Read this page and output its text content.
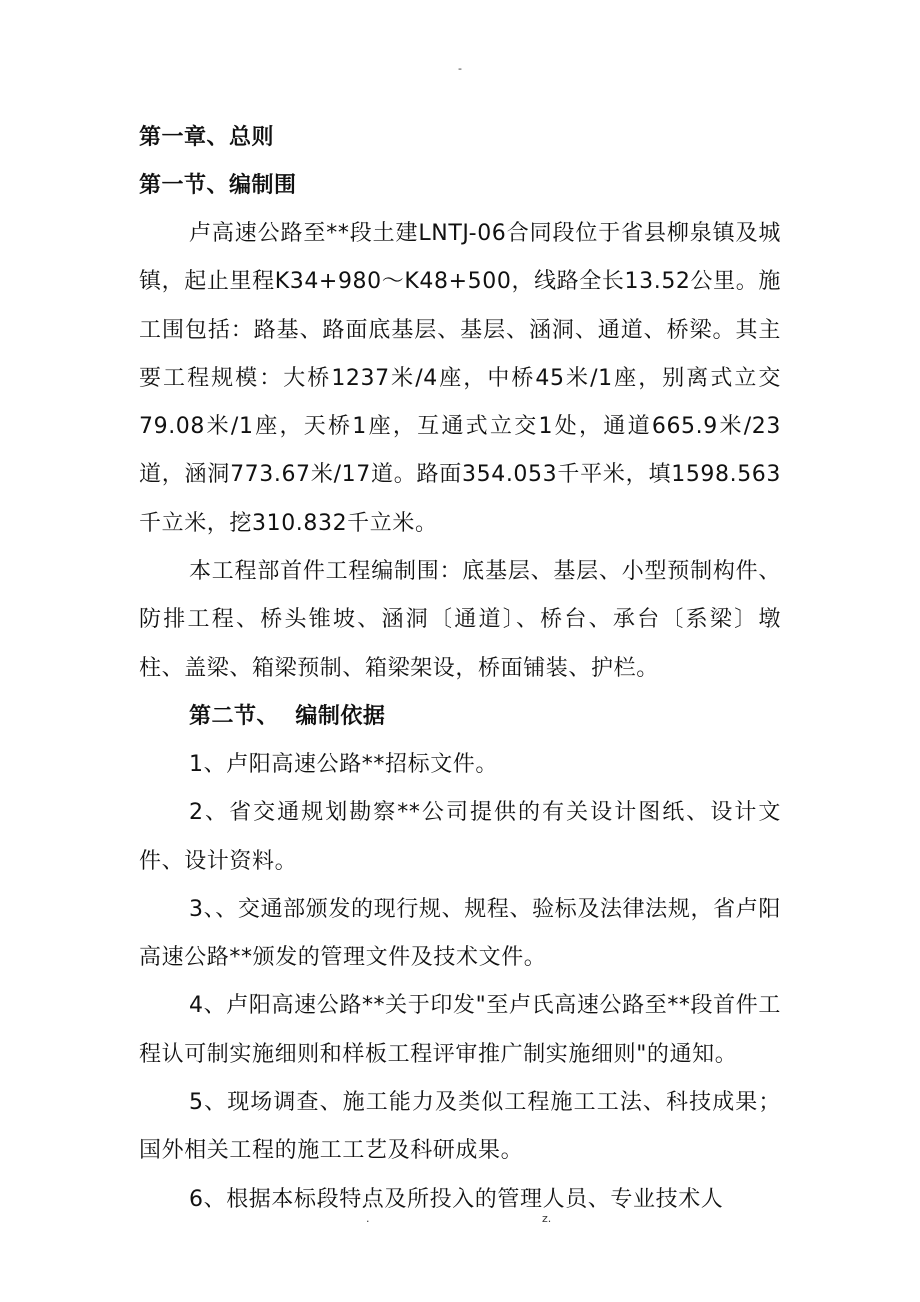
-
第一章、总则
第一节、编制围

卢高速公路至**段土建LNTJ-06合同段位于省县柳泉镇及城镇，起止里程K34+980～K48+500，线路全长13.52公里。施工围包括：路基、路面底基层、基层、涵洞、通道、桥梁。其主要工程规模：大桥1237米/4座，中桥45米/1座，别离式立交79.08米/1座，天桥1座，互通式立交1处，通道665.9米/23道，涵洞773.67米/17道。路面354.053千平米，填1598.563千立米，挖310.832千立米。

本工程部首件工程编制围：底基层、基层、小型预制构件、防排工程、桥头锥坡、涵洞〔通道〕、桥台、承台〔系梁〕墩柱、盖梁、箱梁预制、箱梁架设，桥面铺装、护栏。

第二节、  编制依据

1、卢阳高速公路**招标文件。

2、省交通规划勘察**公司提供的有关设计图纸、设计文件、设计资料。

3、、交通部颁发的现行规、规程、验标及法律法规，省卢阳高速公路**颁发的管理文件及技术文件。

4、卢阳高速公路**关于印发"至卢氏高速公路至**段首件工程认可制实施细则和样板工程评审推广制实施细则"的通知。

5、现场调查、施工能力及类似工程施工工法、科技成果；国外相关工程的施工工艺及科研成果。

6、根据本标段特点及所投入的管理人员、专业技术人

.	z.
